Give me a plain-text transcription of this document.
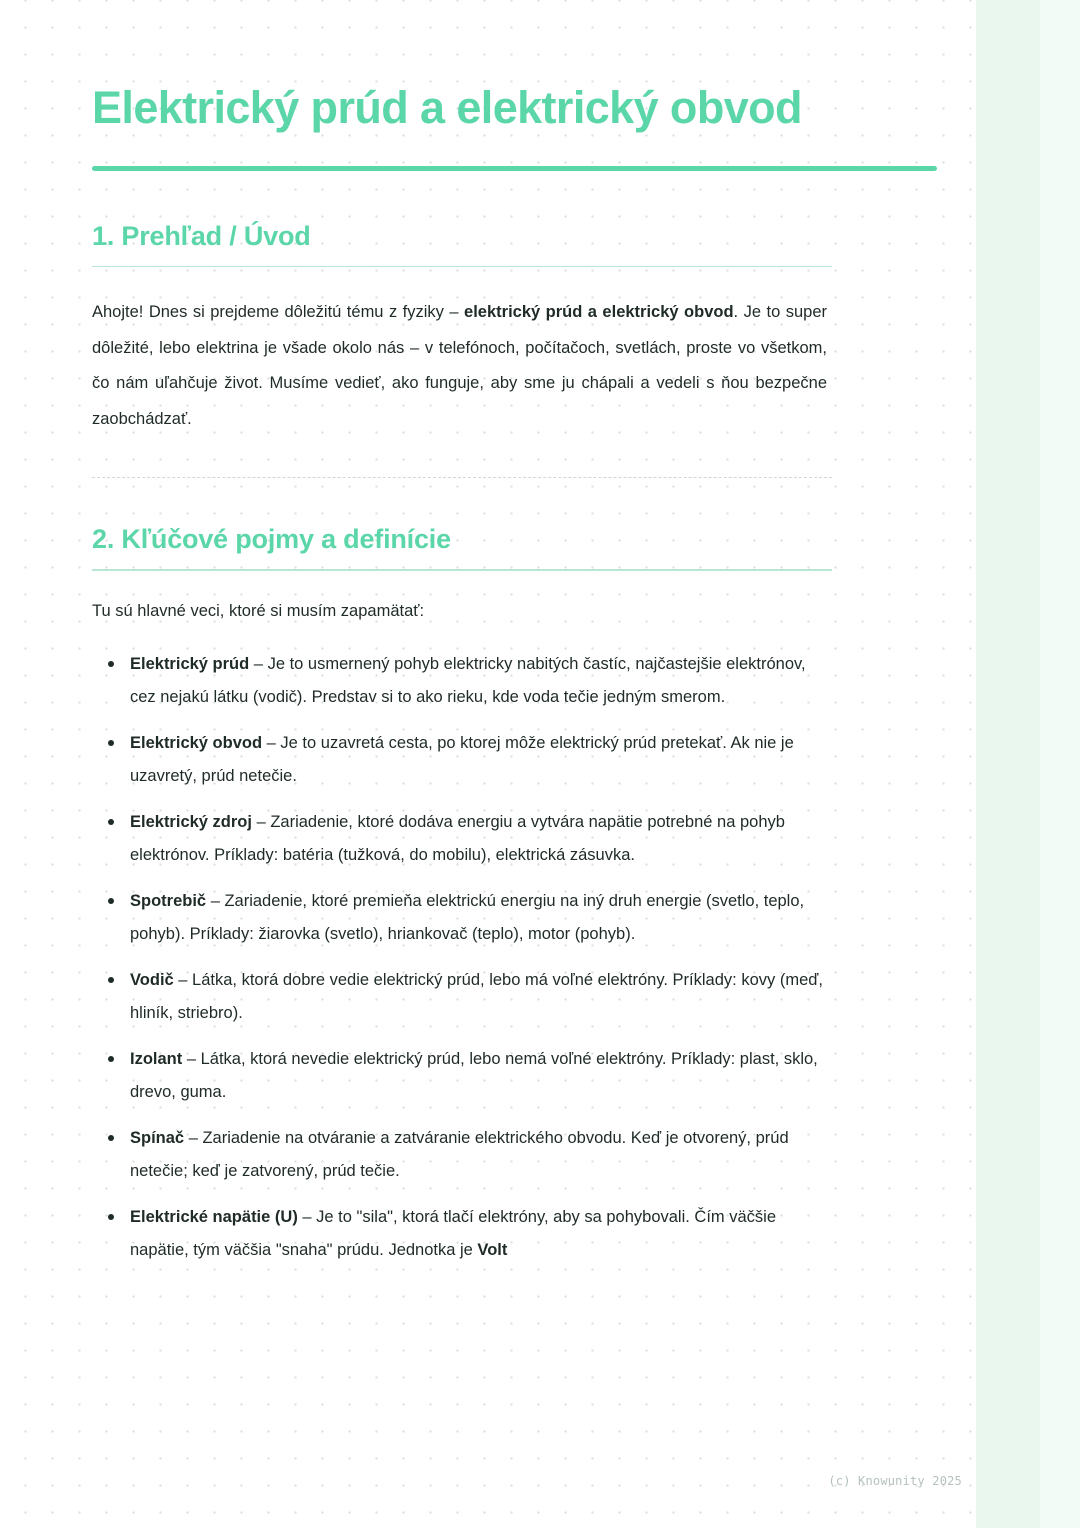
Elektrický prúd a elektrický obvod
1. Prehľad / Úvod

Ahojte! Dnes si prejdeme dôležitú tému z fyziky – elektrický prúd a elektrický obvod. Je to super dôležité, lebo elektrina je všade okolo nás – v telefónoch, počítačoch, svetlách, proste vo všetkom, čo nám uľahčuje život. Musíme vedieť, ako funguje, aby sme ju chápali a vedeli s ňou bezpečne zaobchádzať.

2. Kľúčové pojmy a definície

Tu sú hlavné veci, ktoré si musím zapamätať:

Elektrický prúd – Je to usmernený pohyb elektricky nabitých častíc, najčastejšie elektrónov, cez nejakú látku (vodič). Predstav si to ako rieku, kde voda tečie jedným smerom.
Elektrický obvod – Je to uzavretá cesta, po ktorej môže elektrický prúd pretekať. Ak nie je uzavretý, prúd netečie.
Elektrický zdroj – Zariadenie, ktoré dodáva energiu a vytvára napätie potrebné na pohyb elektrónov. Príklady: batéria (tužková, do mobilu), elektrická zásuvka.
Spotrebič – Zariadenie, ktoré premieňa elektrickú energiu na iný druh energie (svetlo, teplo, pohyb). Príklady: žiarovka (svetlo), hriankovač (teplo), motor (pohyb).
Vodič – Látka, ktorá dobre vedie elektrický prúd, lebo má voľné elektróny. Príklady: kovy (meď, hliník, striebro).
Izolant – Látka, ktorá nevedie elektrický prúd, lebo nemá voľné elektróny. Príklady: plast, sklo, drevo, guma.
Spínač – Zariadenie na otváranie a zatváranie elektrického obvodu. Keď je otvorený, prúd netečie; keď je zatvorený, prúd tečie.
Elektrické napätie (U) – Je to "sila", ktorá tlačí elektróny, aby sa pohybovali. Čím väčšie napätie, tým väčšia "snaha" prúdu. Jednotka je Volt
(c) Knowunity 2025
